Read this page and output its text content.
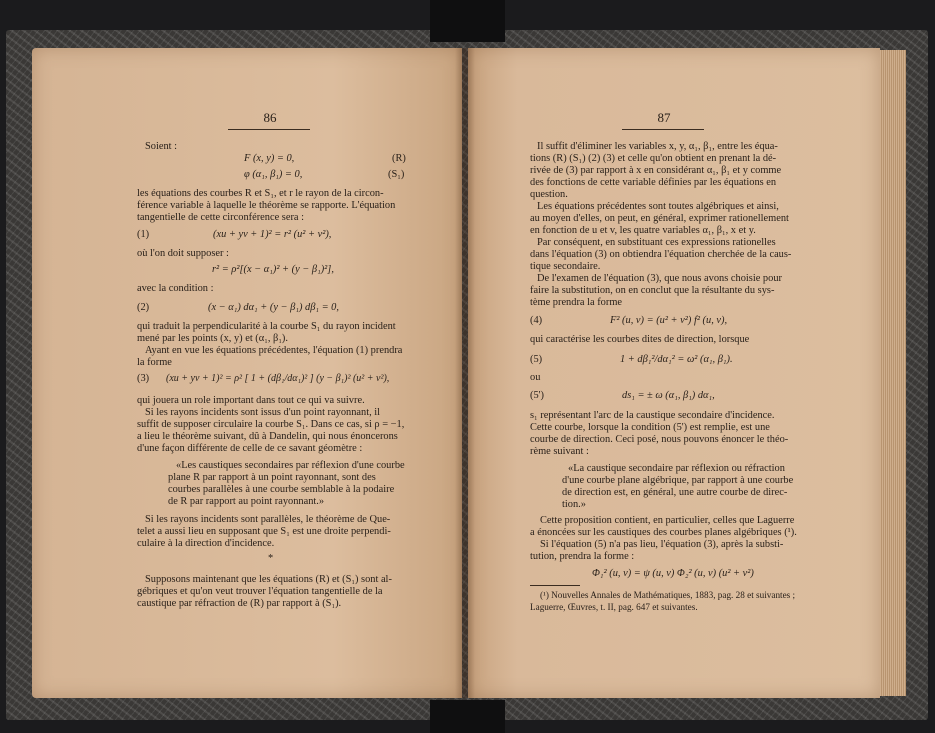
86
Soient :
F (x, y) = 0,	(R)
φ (α₁, β₁) = 0,	(S₁)
les équations des courbes R et S₁, et r le rayon de la circon-
férence variable à laquelle le théorème se rapporte. L'équation
tangentielle de cette circonférence sera :
(1)	(xu + yv + 1)² = r² (u² + v²),
où l'on doit supposer :
r² = ρ²[(x − α₁)² + (y − β₁)²],
avec la condition :
(2)	(x − α₁) dα₁ + (y − β₁) dβ₁ = 0,
qui traduit la perpendicularité à la courbe S₁ du rayon incident
mené par les points (x, y) et (α₁, β₁).
Ayant en vue les équations précédentes, l'équation (1) prendra
la forme
(3) (xu + yv + 1)² = ρ² [ 1 + (dβ₁/dα₁)² ] (y − β₁)² (u² + v²),
qui jouera un role important dans tout ce qui va suivre.
Si les rayons incidents sont issus d'un point rayonnant, il
suffit de supposer circulaire la courbe S₁. Dans ce cas, si ρ = −1,
a lieu le théorème suivant, dû à Dandelin, qui nous énoncerons
d'une façon différente de celle de ce savant géomètre :
«Les caustiques secondaires par réflexion d'une courbe
plane R par rapport à un point rayonnant, sont des
courbes parallèles à une courbe semblable à la podaire
de R par rapport au point rayonnant.»
Si les rayons incidents sont parallèles, le théorème de Que-
telet a aussi lieu en supposant que S₁ est une droite perpendi-
culaire à la direction d'incidence.
*
Supposons maintenant que les équations (R) et (S₁) sont al-
gébriques et qu'on veut trouver l'équation tangentielle de la
caustique par réfraction de (R) par rapport à (S₁).
87
Il suffit d'éliminer les variables x, y, α₁, β₁, entre les équa-
tions (R) (S₁) (2) (3) et celle qu'on obtient en prenant la dé-
rivée de (3) par rapport à x en considérant α₁, β₁ et y comme
des fonctions de cette variable définies par les équations en
question.
Les équations précédentes sont toutes algébriques et ainsi,
au moyen d'elles, on peut, en général, exprimer rationellement
en fonction de u et v, les quatre variables α₁, β₁, x et y.
Par conséquent, en substituant ces expressions rationelles
dans l'équation (3) on obtiendra l'équation cherchée de la caus-
tique secondaire.
De l'examen de l'équation (3), que nous avons choisie pour
faire la substitution, on en conclut que la résultante du sys-
tème prendra la forme
(4)	F² (u, v) = (u² + v²) f² (u, v),
qui caractérise les courbes dites de direction, lorsque
(5)	1 + dβ₁²/dα₁² = ω² (α₁, β₁).
ou
(5')	ds₁ = ± ω (α₁, β₁) dα₁,
s₁ représentant l'arc de la caustique secondaire d'incidence.
Cette courbe, lorsque la condition (5') est remplie, est une
courbe de direction. Ceci posé, nous pouvons énoncer le théo-
rème suivant :
«La caustique secondaire par réflexion ou réfraction
d'une courbe plane algébrique, par rapport à une courbe
de direction est, en général, une autre courbe de direc-
tion.»
Cette proposition contient, en particulier, celles que Laguerre
a énoncées sur les caustiques des courbes planes algébriques (¹).
Si l'équation (5) n'a pas lieu, l'équation (3), après la substi-
tution, prendra la forme :
Φ₁² (u, v) = ψ (u, v) Φ₂² (u, v) (u² + v²)
(¹) Nouvelles Annales de Mathématiques, 1883, pag. 28 et suivantes ;
Laguerre, Œuvres, t. II, pag. 647 et suivantes.
